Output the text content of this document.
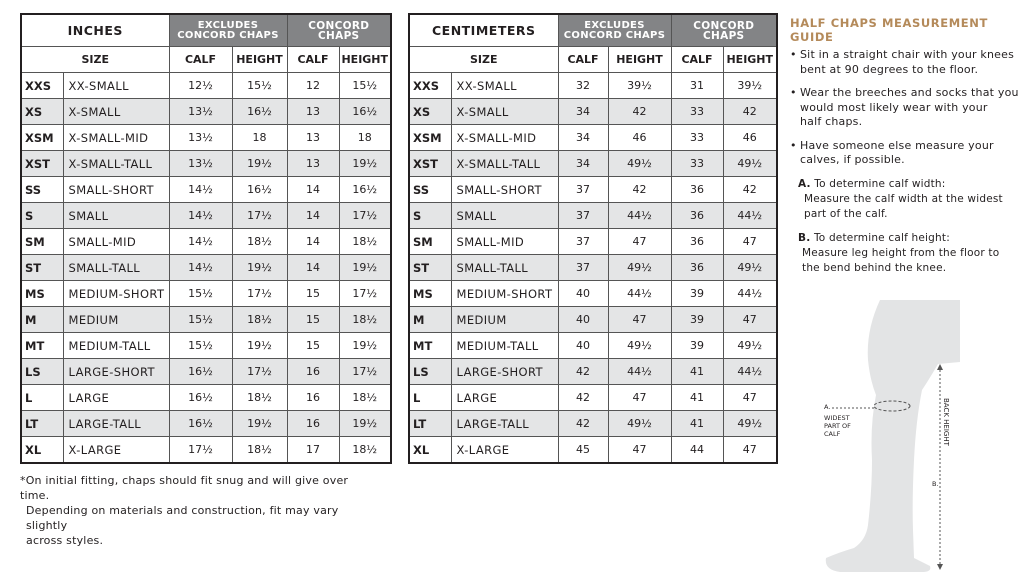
INCHES		EXCLUDES
CONCORD CHAPS		CONCORD CHAPS	
SIZE		CALF	HEIGHT	CALF	HEIGHT
XXS	XX-SMALL	12½	15½	12	15½
XS	X-SMALL	13½	16½	13	16½
XSM	X-SMALL-MID	13½	18	13	18
XST	X-SMALL-TALL	13½	19½	13	19½
SS	SMALL-SHORT	14½	16½	14	16½
S	SMALL	14½	17½	14	17½
SM	SMALL-MID	14½	18½	14	18½
ST	SMALL-TALL	14½	19½	14	19½
MS	MEDIUM-SHORT	15½	17½	15	17½
M	MEDIUM	15½	18½	15	18½
MT	MEDIUM-TALL	15½	19½	15	19½
LS	LARGE-SHORT	16½	17½	16	17½
L	LARGE	16½	18½	16	18½
LT	LARGE-TALL	16½	19½	16	19½
XL	X-LARGE	17½	18½	17	18½
CENTIMETERS		EXCLUDES
CONCORD CHAPS		CONCORD CHAPS	
SIZE		CALF	HEIGHT	CALF	HEIGHT
XXS	XX-SMALL	32	39½	31	39½
XS	X-SMALL	34	42	33	42
XSM	X-SMALL-MID	34	46	33	46
XST	X-SMALL-TALL	34	49½	33	49½
SS	SMALL-SHORT	37	42	36	42
S	SMALL	37	44½	36	44½
SM	SMALL-MID	37	47	36	47
ST	SMALL-TALL	37	49½	36	49½
MS	MEDIUM-SHORT	40	44½	39	44½
M	MEDIUM	40	47	39	47
MT	MEDIUM-TALL	40	49½	39	49½
LS	LARGE-SHORT	42	44½	41	44½
L	LARGE	42	47	41	47
LT	LARGE-TALL	42	49½	41	49½
XL	X-LARGE	45	47	44	47
*On initial fitting, chaps should fit snug and will give over time.
Depending on materials and construction, fit may vary slightly
across styles.
HALF CHAPS MEASUREMENT GUIDE
• Sit in a straight chair with your knees
bent at 90 degrees to the floor.
• Wear the breeches and socks that you
would most likely wear with your
half chaps.
• Have someone else measure your
calves, if possible.
A. To determine calf width:
Measure the calf width at the widest
part of the calf.
B. To determine calf height:
Measure leg height from the floor to
the bend behind the knee.
A.
WIDEST
PART OF
CALF	BACK HEIGHT
B.
